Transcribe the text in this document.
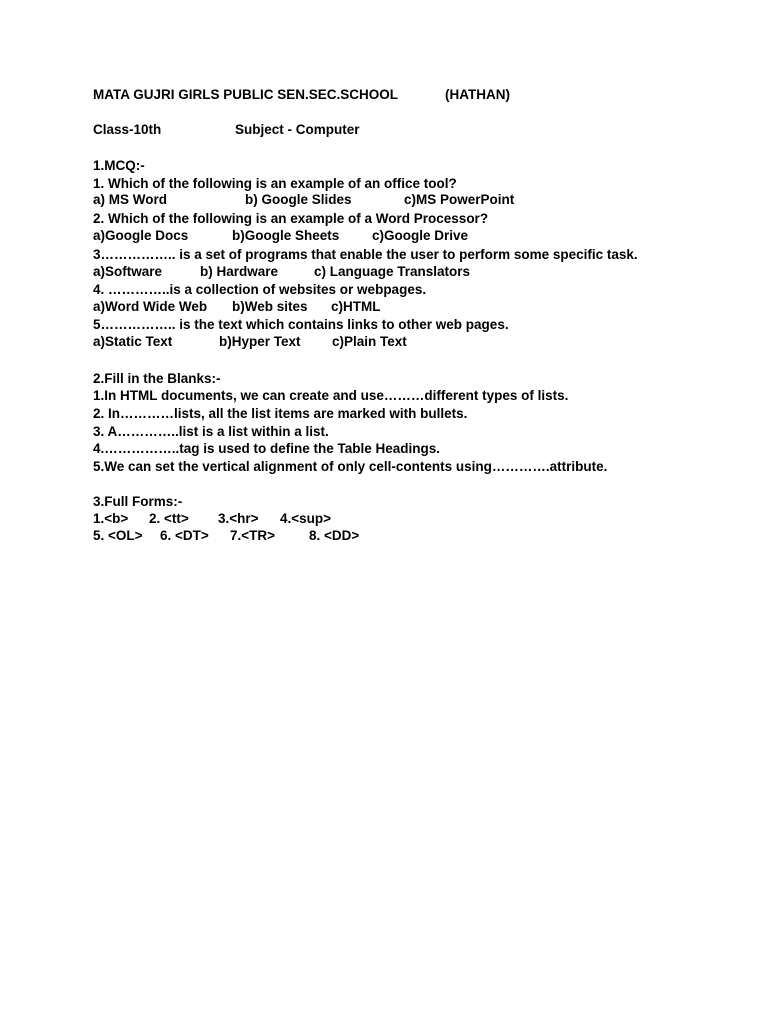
MATA GUJRI GIRLS PUBLIC SEN.SEC.SCHOOL	(HATHAN)
Class-10th	Subject - Computer
1.MCQ:-
1. Which of the following is an example of an office tool?
a) MS Word	b) Google Slides	c)MS PowerPoint
2. Which of the following is an example of a Word Processor?
a)Google Docs	b)Google Sheets c)Google Drive
3…………….. is a set of programs that enable the user to perform some specific task.
a)Software	b) Hardware	c) Language Translators
4. …………..is a collection of websites or webpages.
a)Word Wide Web b)Web sites c)HTML
5…………….. is the text which contains links to other web pages.
a)Static Text	b)Hyper Text c)Plain Text
2.Fill in the Blanks:-
1.In HTML documents, we can create and use………different types of lists.
2. In…………lists, all the list items are marked with bullets.
3. A…………..list is a list within a list.
4.……………..tag is used to define the Table Headings.
5.We can set the vertical alignment of only cell-contents using………….attribute.
3.Full Forms:-
1.<b> 2. <tt> 3.<hr> 4.<sup>
5. <OL> 6. <DT> 7.<TR>	8. <DD>
